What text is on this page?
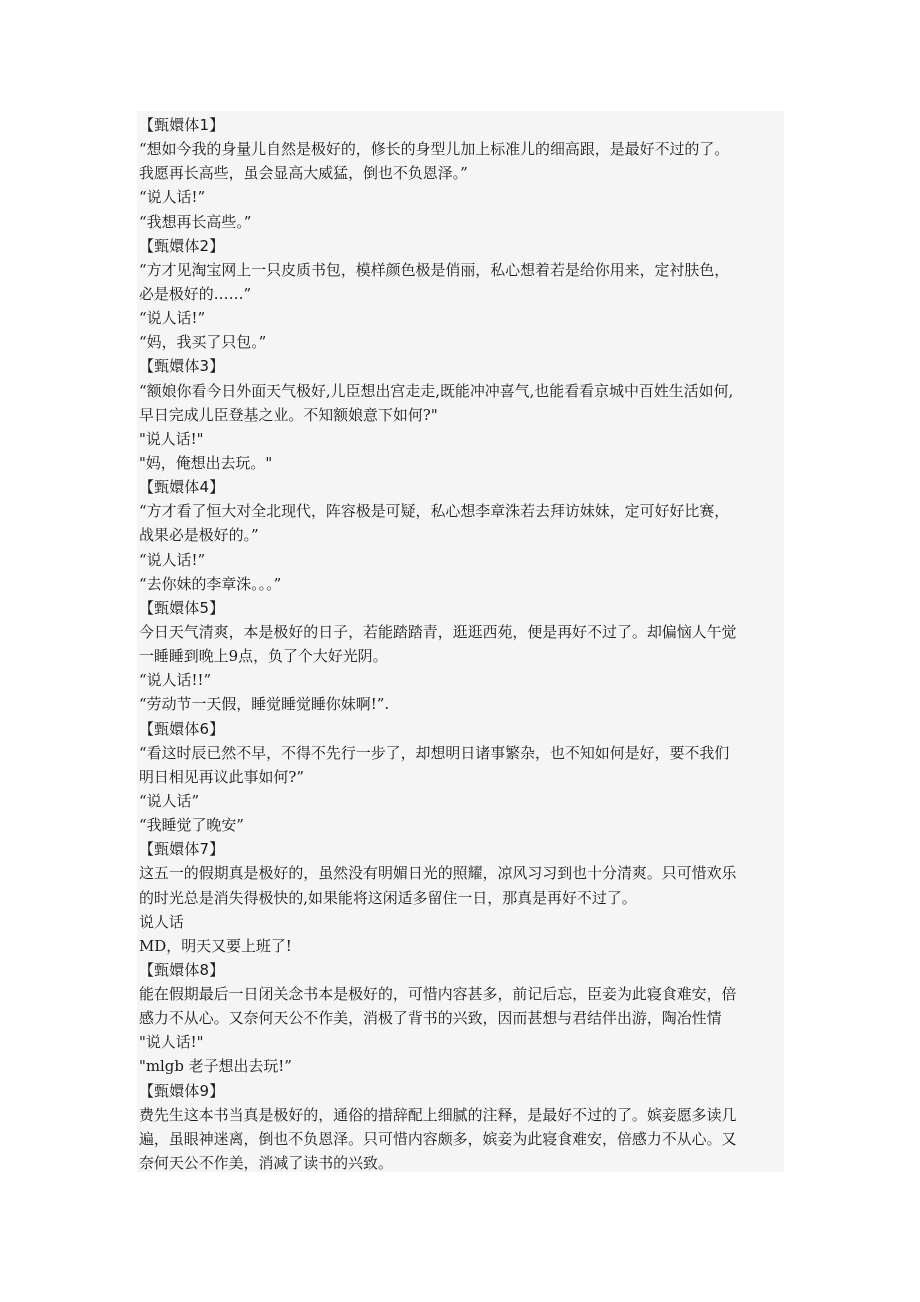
【甄嬛体1】
“想如今我的身量儿自然是极好的，修长的身型儿加上标准儿的细高跟，是最好不过的了。
我愿再长高些，虽会显高大威猛，倒也不负恩泽。”
“说人话!”
“我想再长高些。”
【甄嬛体2】
“方才见淘宝网上一只皮质书包，模样颜色极是俏丽，私心想着若是给你用来，定衬肤色，
必是极好的……”
“说人话!”
“妈，我买了只包。”
【甄嬛体3】
“额娘你看今日外面天气极好,儿臣想出宫走走,既能冲冲喜气,也能看看京城中百姓生活如何,
早日完成儿臣登基之业。不知额娘意下如何?"
"说人话!"
"妈，俺想出去玩。"
【甄嬛体4】
“方才看了恒大对全北现代，阵容极是可疑，私心想李章洙若去拜访妹妹，定可好好比赛，
战果必是极好的。”
“说人话!”
“去你妹的李章洙。。。”
【甄嬛体5】
今日天气清爽，本是极好的日子，若能踏踏青，逛逛西苑，便是再好不过了。却偏恼人午觉
一睡睡到晚上9点，负了个大好光阴。
“说人话!!”
“劳动节一天假，睡觉睡觉睡你妹啊!”.
【甄嬛体6】
“看这时辰已然不早，不得不先行一步了，却想明日诸事繁杂，也不知如何是好，要不我们
明日相见再议此事如何?”
“说人话”
“我睡觉了晚安”
【甄嬛体7】
这五一的假期真是极好的，虽然没有明媚日光的照耀，凉风习习到也十分清爽。只可惜欢乐
的时光总是消失得极快的,如果能将这闲适多留住一日，那真是再好不过了。
说人话
MD，明天又要上班了!
【甄嬛体8】
能在假期最后一日闭关念书本是极好的，可惜内容甚多，前记后忘，臣妾为此寝食难安，倍
感力不从心。又奈何天公不作美，消极了背书的兴致，因而甚想与君结伴出游，陶冶性情
"说人话!"
"mlgb 老子想出去玩!”
【甄嬛体9】
费先生这本书当真是极好的，通俗的措辞配上细腻的注释，是最好不过的了。嫔妾愿多读几
遍，虽眼神迷离，倒也不负恩泽。只可惜内容颇多，嫔妾为此寝食难安，倍感力不从心。又
奈何天公不作美，消减了读书的兴致。
